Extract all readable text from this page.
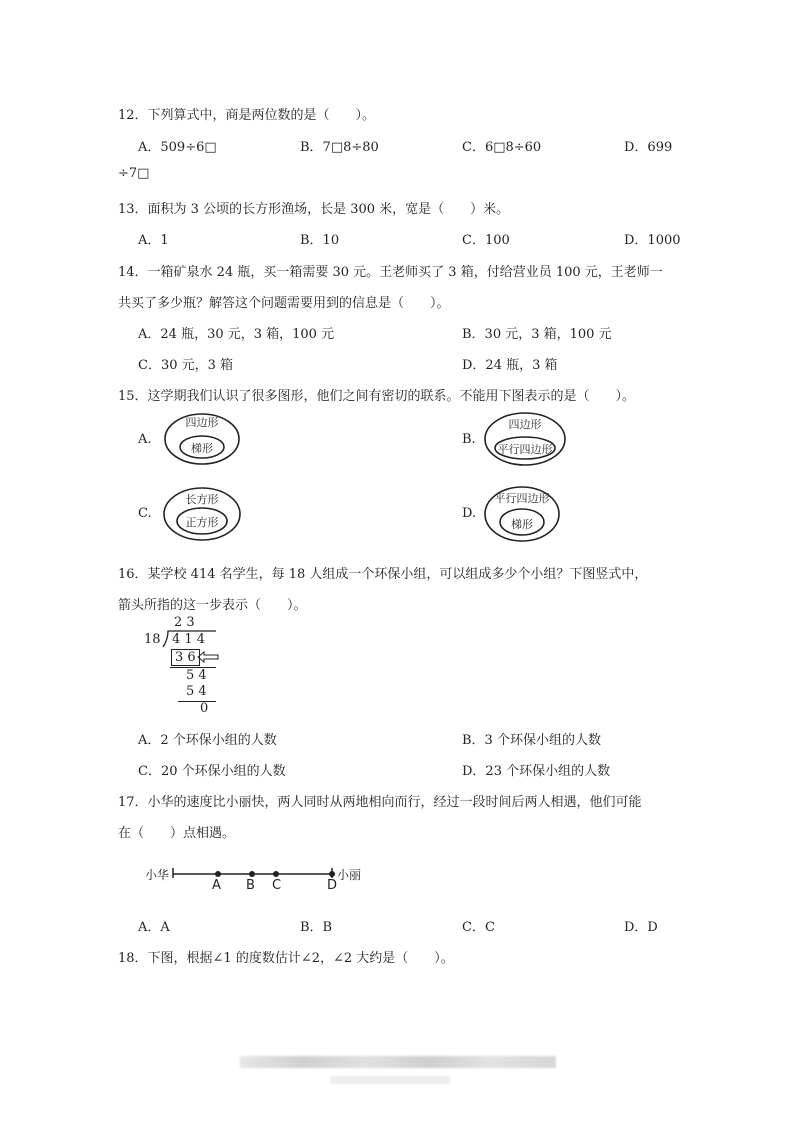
12．下列算式中，商是两位数的是（　　）。
A．509÷6□	B．7□8÷80	C．6□8÷60	D．699
÷7□
13．面积为 3 公顷的长方形渔场，长是 300 米，宽是（　　）米。
A．1	B．10	C．100	D．1000
14．一箱矿泉水 24 瓶，买一箱需要 30 元。王老师买了 3 箱，付给营业员 100 元，王老师一
共买了多少瓶？解答这个问题需要用到的信息是（　　）。
A．24 瓶，30 元，3 箱，100 元	B．30 元，3 箱，100 元
C．30 元，3 箱	D．24 瓶，3 箱
15．这学期我们认识了很多图形，他们之间有密切的联系。不能用下图表示的是（　　）。
A.
四边形
梯形
B.
四边形
平行四边形
C.
长方形
正方形
D.
平行四边形
梯形
16．某学校 414 名学生，每 18 人组成一个环保小组，可以组成多少个小组？下图竖式中，
箭头所指的这一步表示（　　）。
2 3
18 4 1 4
3 6
5 4
5 4
0
A．2 个环保小组的人数	B．3 个环保小组的人数
C．20 个环保小组的人数	D．23 个环保小组的人数
17．小华的速度比小丽快，两人同时从两地相向而行，经过一段时间后两人相遇，他们可能
在（　　）点相遇。
小华	小丽
A B C	D
A．A	B．B	C．C	D．D
18．下图，根据∠1 的度数估计∠2，∠2 大约是（　　）。
